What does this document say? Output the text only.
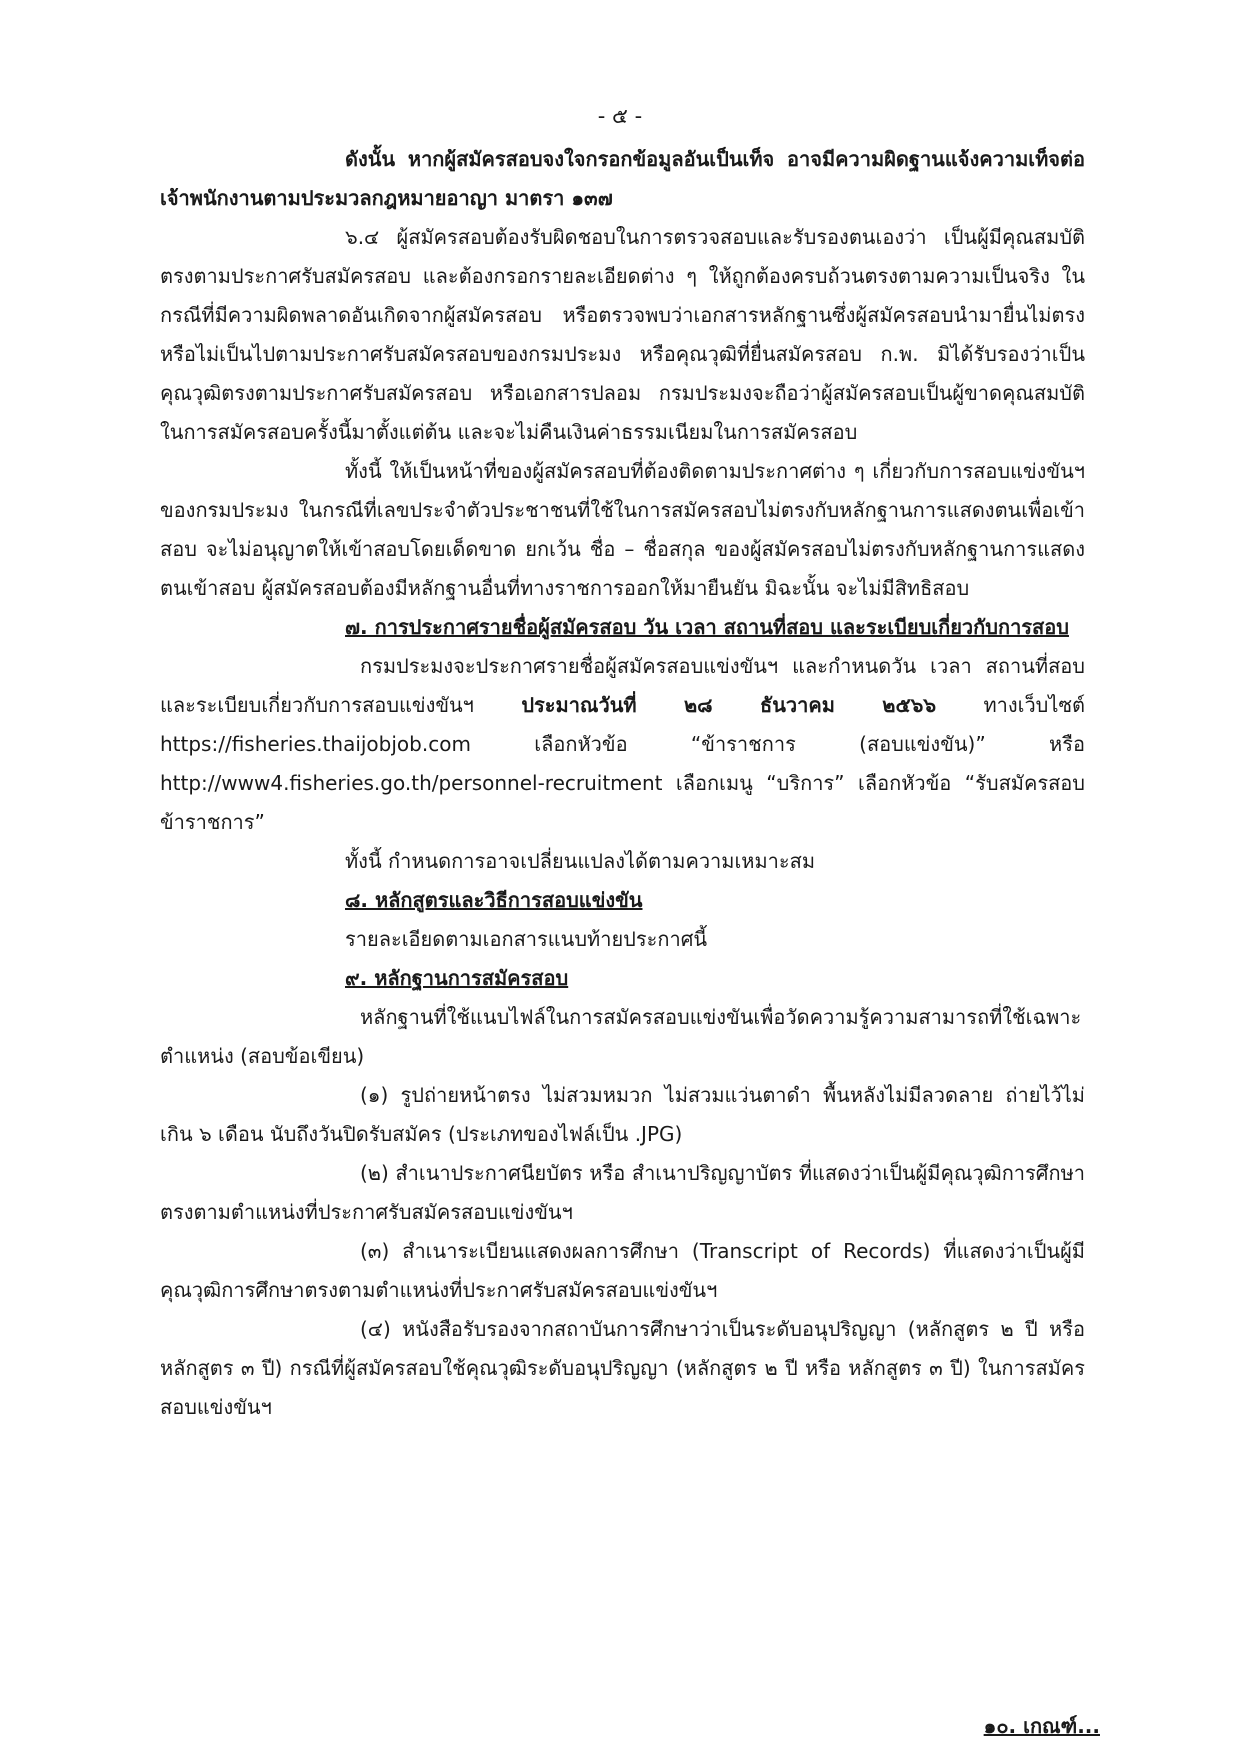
- ๕ -

ดังนั้น หากผู้สมัครสอบจงใจกรอกข้อมูลอันเป็นเท็จ อาจมีความผิดฐานแจ้งความเท็จต่อเจ้าพนักงานตามประมวลกฎหมายอาญา มาตรา ๑๓๗

๖.๔ ผู้สมัครสอบต้องรับผิดชอบในการตรวจสอบและรับรองตนเองว่า เป็นผู้มีคุณสมบัติตรงตามประกาศรับสมัครสอบ และต้องกรอกรายละเอียดต่าง ๆ ให้ถูกต้องครบถ้วนตรงตามความเป็นจริง ในกรณีที่มีความผิดพลาดอันเกิดจากผู้สมัครสอบ หรือตรวจพบว่าเอกสารหลักฐานซึ่งผู้สมัครสอบนำมายื่นไม่ตรงหรือไม่เป็นไปตามประกาศรับสมัครสอบของกรมประมง หรือคุณวุฒิที่ยื่นสมัครสอบ ก.พ. มิได้รับรองว่าเป็นคุณวุฒิตรงตามประกาศรับสมัครสอบ หรือเอกสารปลอม กรมประมงจะถือว่าผู้สมัครสอบเป็นผู้ขาดคุณสมบัติในการสมัครสอบครั้งนี้มาตั้งแต่ต้น และจะไม่คืนเงินค่าธรรมเนียมในการสมัครสอบ

ทั้งนี้ ให้เป็นหน้าที่ของผู้สมัครสอบที่ต้องติดตามประกาศต่าง ๆ เกี่ยวกับการสอบแข่งขันฯ ของกรมประมง ในกรณีที่เลขประจำตัวประชาชนที่ใช้ในการสมัครสอบไม่ตรงกับหลักฐานการแสดงตนเพื่อเข้าสอบ จะไม่อนุญาตให้เข้าสอบโดยเด็ดขาด ยกเว้น ชื่อ – ชื่อสกุล ของผู้สมัครสอบไม่ตรงกับหลักฐานการแสดงตนเข้าสอบ ผู้สมัครสอบต้องมีหลักฐานอื่นที่ทางราชการออกให้มายืนยัน มิฉะนั้น จะไม่มีสิทธิสอบ

๗. การประกาศรายชื่อผู้สมัครสอบ วัน เวลา สถานที่สอบ และระเบียบเกี่ยวกับการสอบ

กรมประมงจะประกาศรายชื่อผู้สมัครสอบแข่งขันฯ และกำหนดวัน เวลา สถานที่สอบ และระเบียบเกี่ยวกับการสอบแข่งขันฯ ประมาณวันที่ ๒๘ ธันวาคม ๒๕๖๖ ทางเว็บไซต์ https://fisheries.thaijobjob.com เลือกหัวข้อ “ข้าราชการ (สอบแข่งขัน)” หรือ http://www4.fisheries.go.th/personnel-recruitment เลือกเมนู “บริการ” เลือกหัวข้อ “รับสมัครสอบข้าราชการ”

ทั้งนี้ กำหนดการอาจเปลี่ยนแปลงได้ตามความเหมาะสม

๘. หลักสูตรและวิธีการสอบแข่งขัน

รายละเอียดตามเอกสารแนบท้ายประกาศนี้

๙. หลักฐานการสมัครสอบ

หลักฐานที่ใช้แนบไฟล์ในการสมัครสอบแข่งขันเพื่อวัดความรู้ความสามารถที่ใช้เฉพาะตำแหน่ง (สอบข้อเขียน)

(๑) รูปถ่ายหน้าตรง ไม่สวมหมวก ไม่สวมแว่นตาดำ พื้นหลังไม่มีลวดลาย ถ่ายไว้ไม่เกิน ๖ เดือน นับถึงวันปิดรับสมัคร (ประเภทของไฟล์เป็น .JPG)

(๒) สำเนาประกาศนียบัตร หรือ สำเนาปริญญาบัตร ที่แสดงว่าเป็นผู้มีคุณวุฒิการศึกษาตรงตามตำแหน่งที่ประกาศรับสมัครสอบแข่งขันฯ

(๓) สำเนาระเบียนแสดงผลการศึกษา (Transcript of Records) ที่แสดงว่าเป็นผู้มีคุณวุฒิการศึกษาตรงตามตำแหน่งที่ประกาศรับสมัครสอบแข่งขันฯ

(๔) หนังสือรับรองจากสถาบันการศึกษาว่าเป็นระดับอนุปริญญา (หลักสูตร ๒ ปี หรือ หลักสูตร ๓ ปี) กรณีที่ผู้สมัครสอบใช้คุณวุฒิระดับอนุปริญญา (หลักสูตร ๒ ปี หรือ หลักสูตร ๓ ปี) ในการสมัครสอบแข่งขันฯ

๑๐. เกณฑ์...
